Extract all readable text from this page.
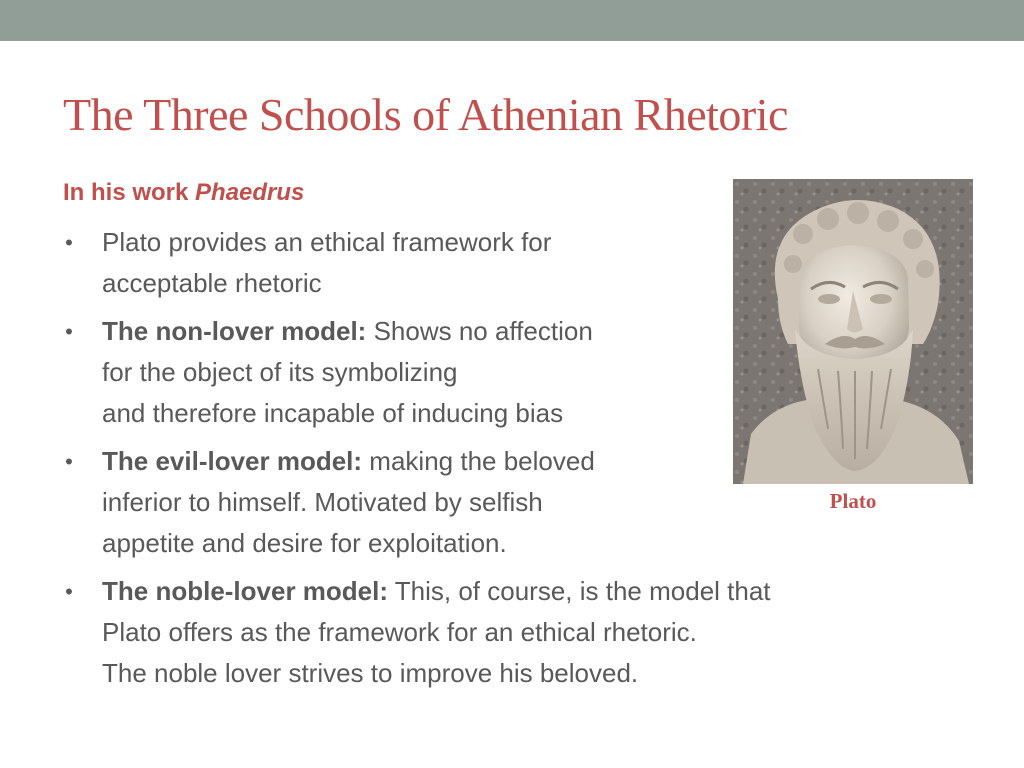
The Three Schools of Athenian Rhetoric
In his work Phaedrus
• Plato provides an ethical framework for
acceptable rhetoric
• The non-lover model: Shows no affection
for the object of its symbolizing
and therefore incapable of inducing bias
• The evil-lover model: making the beloved
inferior to himself. Motivated by selfish
appetite and desire for exploitation.
• The noble-lover model: This, of course, is the model that
Plato offers as the framework for an ethical rhetoric.
The noble lover strives to improve his beloved.
Plato
